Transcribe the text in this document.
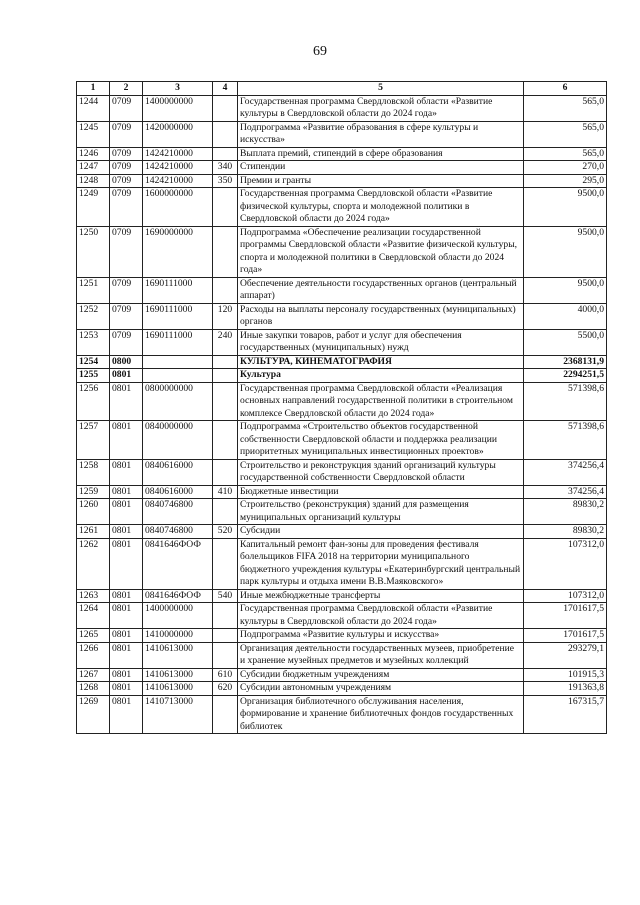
69
1	2	3	4	5	6
1244	0709	1400000000		Государственная программа Свердловской области «Развитие культуры в Свердловской области до 2024 года»	565,0
1245	0709	1420000000		Подпрограмма «Развитие образования в сфере культуры и искусства»	565,0
1246	0709	1424210000		Выплата премий, стипендий в сфере образования	565,0
1247	0709	1424210000	340	Стипендии	270,0
1248	0709	1424210000	350	Премии и гранты	295,0
1249	0709	1600000000		Государственная программа Свердловской области «Развитие физической культуры, спорта и молодежной политики в Свердловской области до 2024 года»	9500,0
1250	0709	1690000000		Подпрограмма «Обеспечение реализации государственной программы Свердловской области «Развитие физической культуры, спорта и молодежной политики в Свердловской области до 2024 года»	9500,0
1251	0709	1690111000		Обеспечение деятельности государственных органов (центральный аппарат)	9500,0
1252	0709	1690111000	120	Расходы на выплаты персоналу государственных (муниципальных) органов	4000,0
1253	0709	1690111000	240	Иные закупки товаров, работ и услуг для обеспечения государственных (муниципальных) нужд	5500,0
1254	0800			КУЛЬТУРА, КИНЕМАТОГРАФИЯ	2368131,9
1255	0801			Культура	2294251,5
1256	0801	0800000000		Государственная программа Свердловской области «Реализация основных направлений государственной политики в строительном комплексе Свердловской области до 2024 года»	571398,6
1257	0801	0840000000		Подпрограмма «Строительство объектов государственной собственности Свердловской области и поддержка реализации приоритетных муниципальных инвестиционных проектов»	571398,6
1258	0801	0840616000		Строительство и реконструкция зданий организаций культуры государственной собственности Свердловской области	374256,4
1259	0801	0840616000	410	Бюджетные инвестиции	374256,4
1260	0801	0840746800		Строительство (реконструкция) зданий для размещения муниципальных организаций культуры	89830,2
1261	0801	0840746800	520	Субсидии	89830,2
1262	0801	0841646ФОФ		Капитальный ремонт фан-зоны для проведения фестиваля болельщиков FIFA 2018 на территории муниципального бюджетного учреждения культуры «Екатеринбургский центральный парк культуры и отдыха имени В.В.Маяковского»	107312,0
1263	0801	0841646ФОФ	540	Иные межбюджетные трансферты	107312,0
1264	0801	1400000000		Государственная программа Свердловской области «Развитие культуры в Свердловской области до 2024 года»	1701617,5
1265	0801	1410000000		Подпрограмма «Развитие культуры и искусства»	1701617,5
1266	0801	1410613000		Организация деятельности государственных музеев, приобретение и хранение музейных предметов и музейных коллекций	293279,1
1267	0801	1410613000	610	Субсидии бюджетным учреждениям	101915,3
1268	0801	1410613000	620	Субсидии автономным учреждениям	191363,8
1269	0801	1410713000		Организация библиотечного обслуживания населения, формирование и хранение библиотечных фондов государственных библиотек	167315,7
